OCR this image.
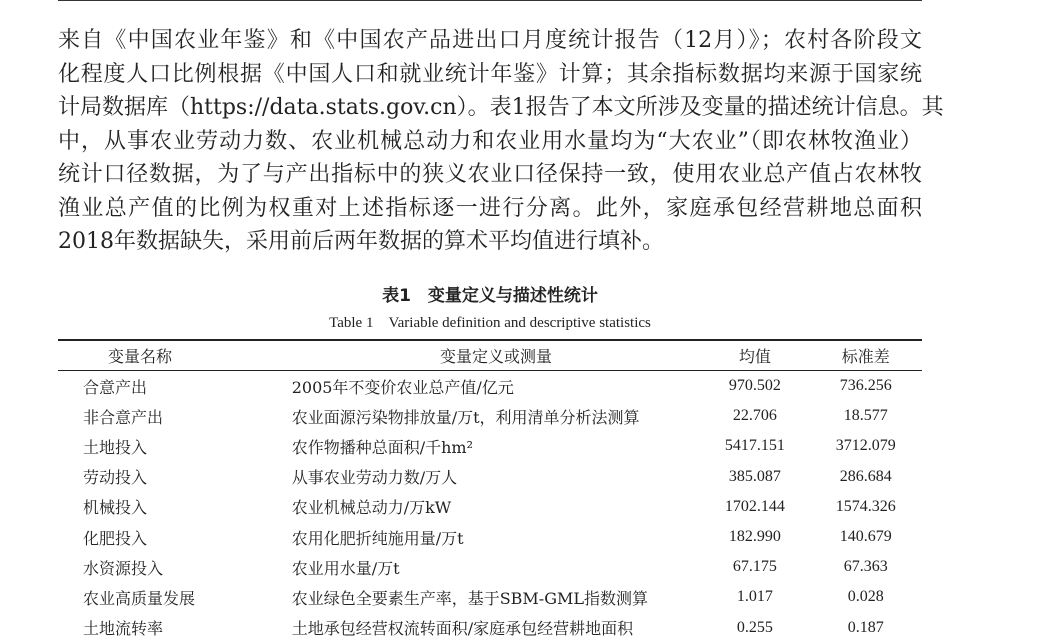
来自《中国农业年鉴》和《中国农产品进出口月度统计报告（12月）》；农村各阶段文
化程度人口比例根据《中国人口和就业统计年鉴》计算；其余指标数据均来源于国家统
计局数据库（https://data.stats.gov.cn）。表1报告了本文所涉及变量的描述统计信息。其
中，从事农业劳动力数、农业机械总动力和农业用水量均为“大农业”（即农林牧渔业）
统计口径数据，为了与产出指标中的狭义农业口径保持一致，使用农业总产值占农林牧
渔业总产值的比例为权重对上述指标逐一进行分离。此外，家庭承包经营耕地总面积
2018年数据缺失，采用前后两年数据的算术平均值进行填补。
表1　变量定义与描述性统计
Table 1　Variable definition and descriptive statistics
变量名称	变量定义或测量	均值	标准差
合意产出	2005年不变价农业总产值/亿元	970.502	736.256
非合意产出	农业面源污染物排放量/万t，利用清单分析法测算	22.706	18.577
土地投入	农作物播种总面积/千hm²	5417.151	3712.079
劳动投入	从事农业劳动力数/万人	385.087	286.684
机械投入	农业机械总动力/万kW	1702.144	1574.326
化肥投入	农用化肥折纯施用量/万t	182.990	140.679
水资源投入	农业用水量/万t	67.175	67.363
农业高质量发展	农业绿色全要素生产率，基于SBM-GML指数测算	1.017	0.028
土地流转率	土地承包经营权流转面积/家庭承包经营耕地面积	0.255	0.187
